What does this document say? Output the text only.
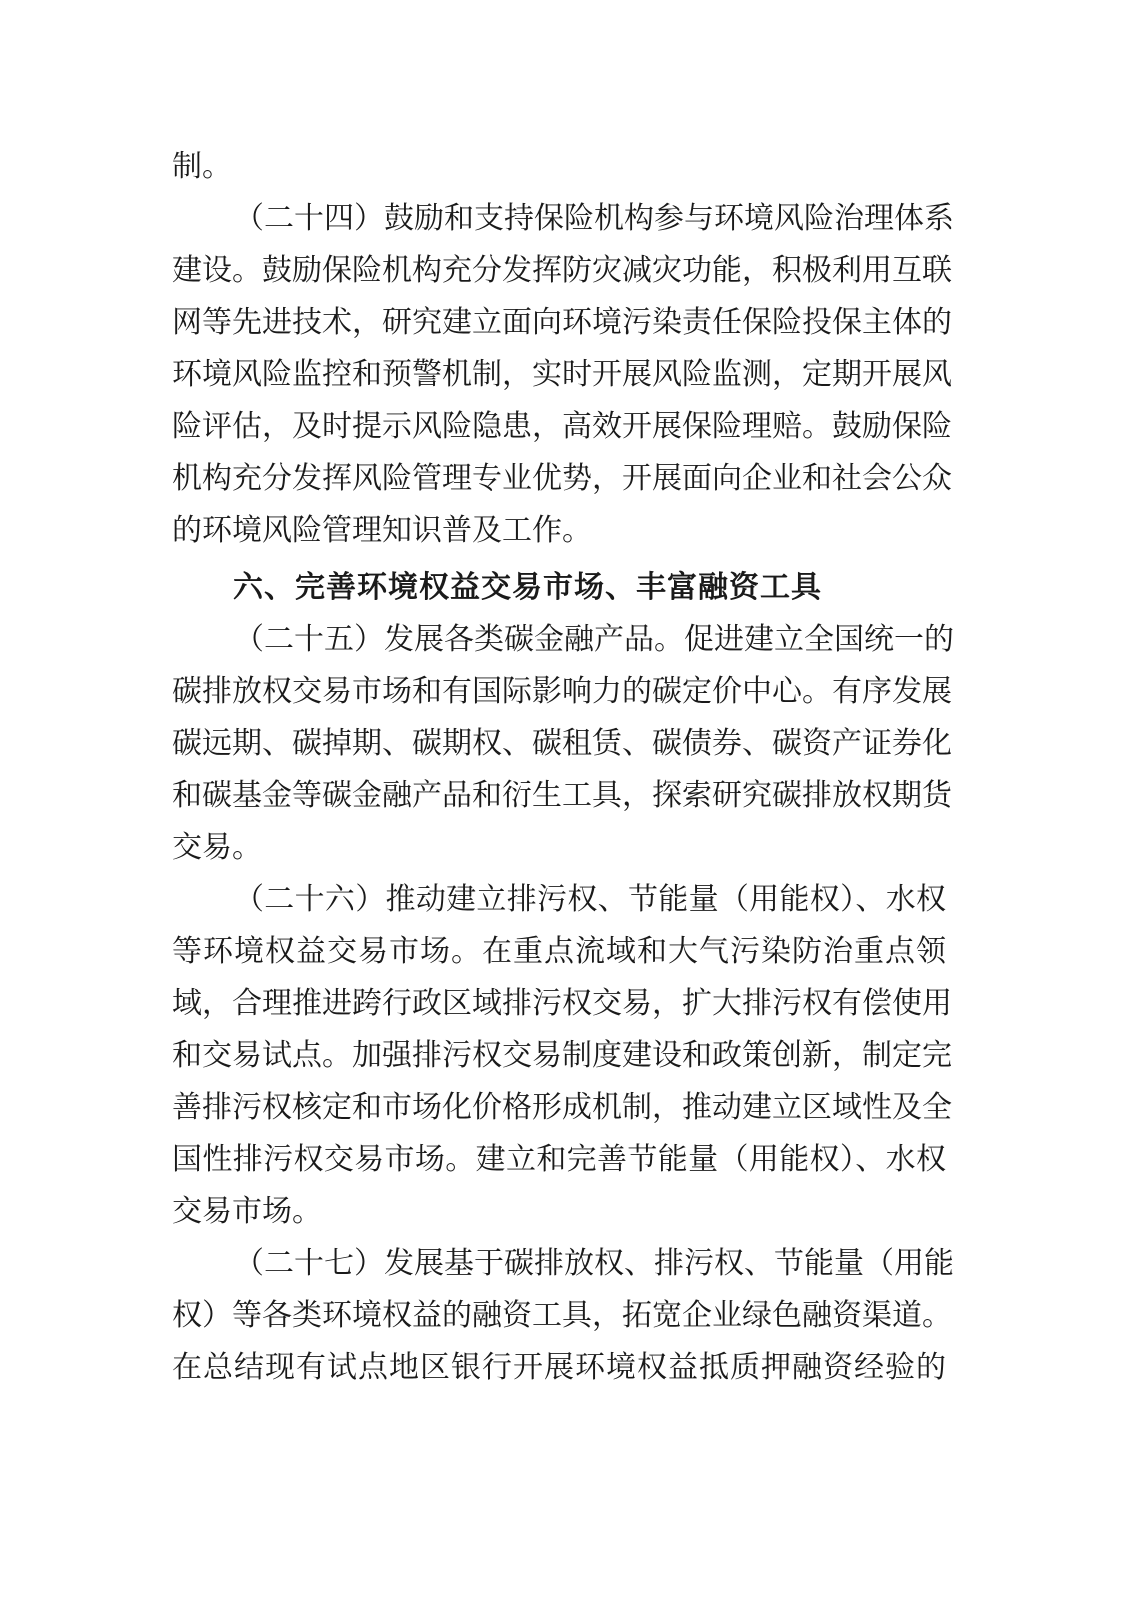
制。
（二十四）鼓励和支持保险机构参与环境风险治理体系
建设。鼓励保险机构充分发挥防灾减灾功能，积极利用互联
网等先进技术，研究建立面向环境污染责任保险投保主体的
环境风险监控和预警机制，实时开展风险监测，定期开展风
险评估，及时提示风险隐患，高效开展保险理赔。鼓励保险
机构充分发挥风险管理专业优势，开展面向企业和社会公众
的环境风险管理知识普及工作。
六、完善环境权益交易市场、丰富融资工具
（二十五）发展各类碳金融产品。促进建立全国统一的
碳排放权交易市场和有国际影响力的碳定价中心。有序发展
碳远期、碳掉期、碳期权、碳租赁、碳债券、碳资产证券化
和碳基金等碳金融产品和衍生工具，探索研究碳排放权期货
交易。
（二十六）推动建立排污权、节能量（用能权）、水权
等环境权益交易市场。在重点流域和大气污染防治重点领
域，合理推进跨行政区域排污权交易，扩大排污权有偿使用
和交易试点。加强排污权交易制度建设和政策创新，制定完
善排污权核定和市场化价格形成机制，推动建立区域性及全
国性排污权交易市场。建立和完善节能量（用能权）、水权
交易市场。
（二十七）发展基于碳排放权、排污权、节能量（用能
权）等各类环境权益的融资工具，拓宽企业绿色融资渠道。
在总结现有试点地区银行开展环境权益抵质押融资经验的
